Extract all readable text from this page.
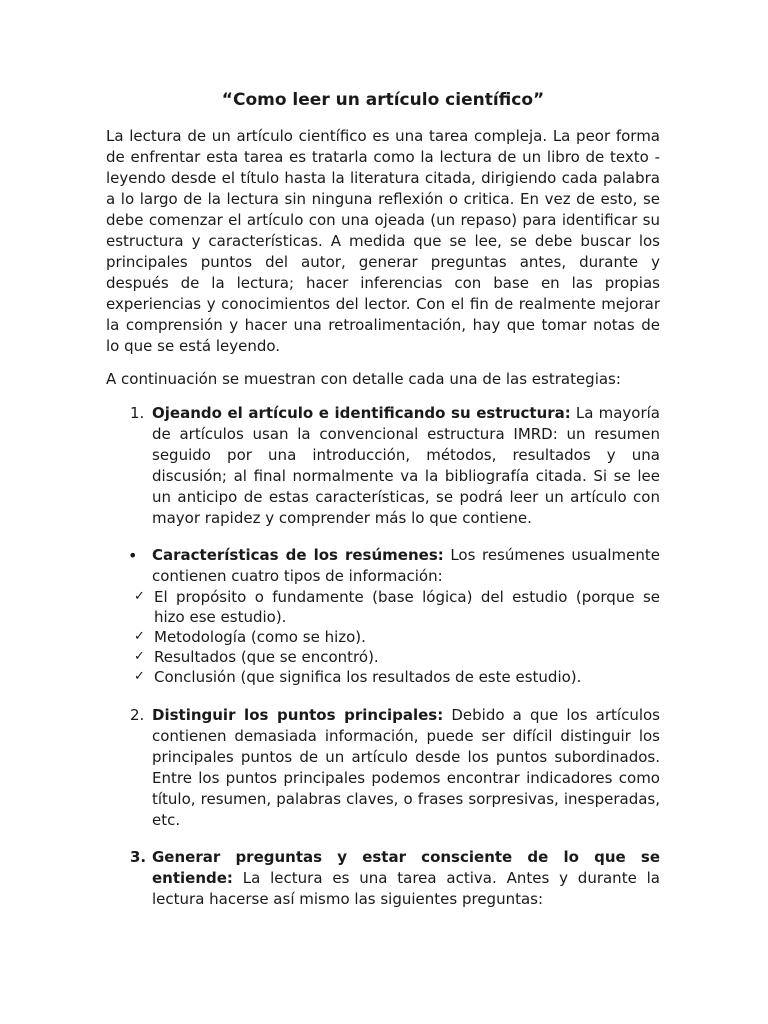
“Como leer un artículo científico”

La lectura de un artículo científico es una tarea compleja. La peor forma de enfrentar esta tarea es tratarla como la lectura de un libro de texto -leyendo desde el título hasta la literatura citada, dirigiendo cada palabra a lo largo de la lectura sin ninguna reflexión o critica. En vez de esto, se debe comenzar el artículo con una ojeada (un repaso) para identificar su estructura y características. A medida que se lee, se debe buscar los principales puntos del autor, generar preguntas antes, durante y después de la lectura; hacer inferencias con base en las propias experiencias y conocimientos del lector. Con el fin de realmente mejorar la comprensión y hacer una retroalimentación, hay que tomar notas de lo que se está leyendo.

A continuación se muestran con detalle cada una de las estrategias:

1. Ojeando el artículo e identificando su estructura: La mayoría de artículos usan la convencional estructura IMRD: un resumen seguido por una introducción, métodos, resultados y una discusión; al final normalmente va la bibliografía citada. Si se lee un anticipo de estas características, se podrá leer un artículo con mayor rapidez y comprender más lo que contiene.
• Características de los resúmenes: Los resúmenes usualmente contienen cuatro tipos de información:
✓ El propósito o fundamente (base lógica) del estudio (porque se hizo ese estudio).
✓ Metodología (como se hizo).
✓ Resultados (que se encontró).
✓ Conclusión (que significa los resultados de este estudio).
2. Distinguir los puntos principales: Debido a que los artículos contienen demasiada información, puede ser difícil distinguir los principales puntos de un artículo desde los puntos subordinados. Entre los puntos principales podemos encontrar indicadores como título, resumen, palabras claves, o frases sorpresivas, inesperadas, etc.
3. Generar preguntas y estar consciente de lo que se entiende: La lectura es una tarea activa. Antes y durante la lectura hacerse así mismo las siguientes preguntas:
